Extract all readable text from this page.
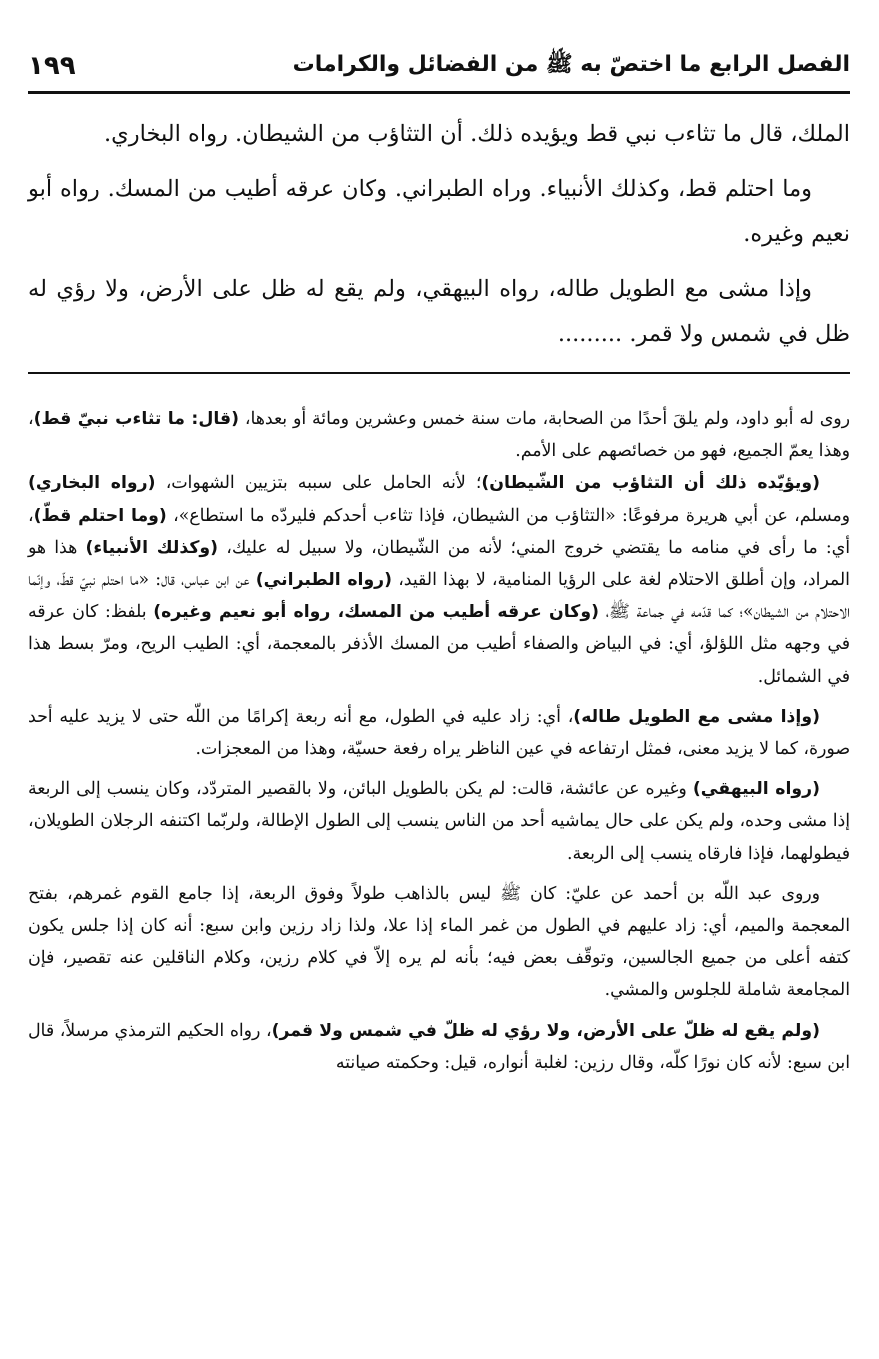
١٩٩	الفصل الرابع ما اختصّ به ﷺ من الفضائل والكرامات

الملك، قال ما تثاءب نبي قط ويؤيده ذلك. أن التثاؤب من الشيطان. رواه البخاري.

وما احتلم قط، وكذلك الأنبياء. وراه الطبراني. وكان عرقه أطيب من المسك. رواه أبو نعيم وغيره.

وإذا مشى مع الطويل طاله، رواه البيهقي، ولم يقع له ظل على الأرض، ولا رؤي له ظل في شمس ولا قمر. .........

روى له أبو داود، ولم يلقَ أحدًا من الصحابة، مات سنة خمس وعشرين ومائة أو بعدها، (قال: ما تثاءب نبيّ قط)، وهذا يعمّ الجميع، فهو من خصائصهم على الأمم.

(ويؤيّده ذلك أن التثاؤب من الشّيطان)؛ لأنه الحامل على سببه بتزيين الشهوات، (رواه البخاري) ومسلم، عن أبي هريرة مرفوعًا: «التثاؤب من الشيطان، فإذا تثاءب أحدكم فليردّه ما استطاع»، (وما احتلم قطّ)، أي: ما رأى في منامه ما يقتضي خروج المني؛ لأنه من الشّيطان، ولا سبيل له عليك، (وكذلك الأنبياء) هذا هو المراد، وإن أطلق الاحتلام لغة على الرؤيا المنامية، لا بهذا القيد، (رواه الطبراني) عن ابن عباس، قال: «ما احتلم نبيّ قطّ، وإنّما الاحتلام من الشيطان»؛ كما قدّمه في جماعة ﷺ، (وكان عرقه أطيب من المسك، رواه أبو نعيم وغيره) بلفظ: كان عرقه في وجهه مثل اللؤلؤ، أي: في البياض والصفاء أطيب من المسك الأذفر بالمعجمة، أي: الطيب الريح، ومرّ بسط هذا في الشمائل.

(وإذا مشى مع الطويل طاله)، أي: زاد عليه في الطول، مع أنه ربعة إكرامًا من اللّه حتى لا يزيد عليه أحد صورة، كما لا يزيد معنى، فمثل ارتفاعه في عين الناظر يراه رفعة حسيّة، وهذا من المعجزات.

(رواه البيهقي) وغيره عن عائشة، قالت: لم يكن بالطويل البائن، ولا بالقصير المتردّد، وكان ينسب إلى الربعة إذا مشى وحده، ولم يكن على حال يماشيه أحد من الناس ينسب إلى الطول الإطالة، ولربّما اكتنفه الرجلان الطويلان، فيطولهما، فإذا فارقاه ينسب إلى الربعة.

وروى عبد اللّه بن أحمد عن عليّ: كان ﷺ ليس بالذاهب طولاً وفوق الربعة، إذا جامع القوم غمرهم، بفتح المعجمة والميم، أي: زاد عليهم في الطول من غمر الماء إذا علا، ولذا زاد رزين وابن سبع: أنه كان إذا جلس يكون كتفه أعلى من جميع الجالسين، وتوقّف بعض فيه؛ بأنه لم يره إلاّ في كلام رزين، وكلام الناقلين عنه تقصير، فإن المجامعة شاملة للجلوس والمشي.

(ولم يقع له ظلّ على الأرض، ولا رؤي له ظلّ في شمس ولا قمر)، رواه الحكيم الترمذي مرسلاً، قال ابن سبع: لأنه كان نورًا كلّه، وقال رزين: لغلبة أنواره، قيل: وحكمته صيانته
